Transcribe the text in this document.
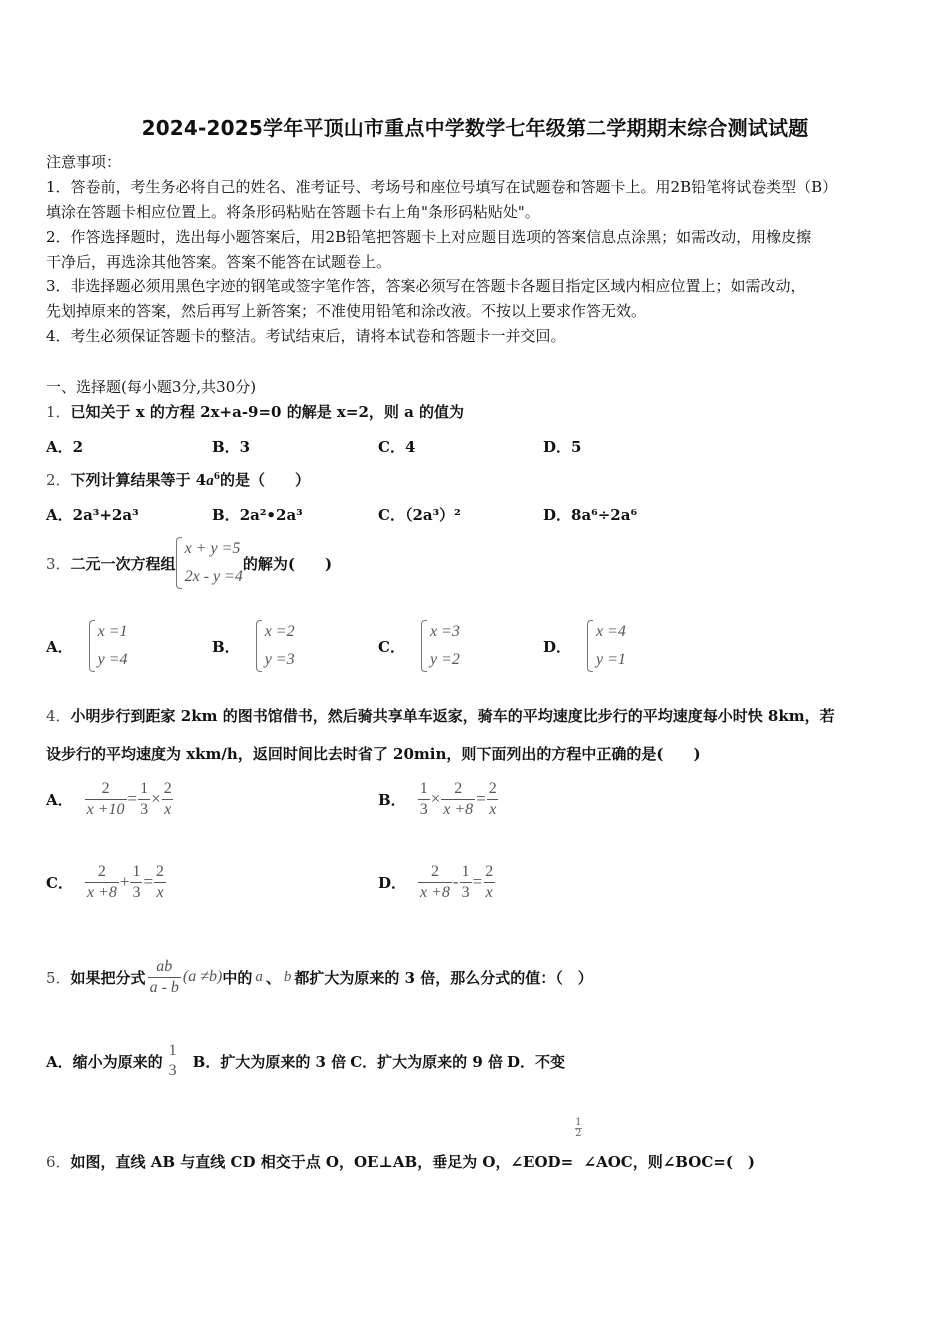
2024-2025学年平顶山市重点中学数学七年级第二学期期末综合测试试题
注意事项：
1．答卷前，考生务必将自己的姓名、准考证号、考场号和座位号填写在试题卷和答题卡上。用2B铅笔将试卷类型（B）
填涂在答题卡相应位置上。将条形码粘贴在答题卡右上角"条形码粘贴处"。
2．作答选择题时，选出每小题答案后，用2B铅笔把答题卡上对应题目选项的答案信息点涂黑；如需改动，用橡皮擦
干净后，再选涂其他答案。答案不能答在试题卷上。
3．非选择题必须用黑色字迹的钢笔或签字笔作答，答案必须写在答题卡各题目指定区域内相应位置上；如需改动，
先划掉原来的答案，然后再写上新答案；不准使用铅笔和涂改液。不按以上要求作答无效。
4．考生必须保证答题卡的整洁。考试结束后，请将本试卷和答题卡一并交回。
一、选择题(每小题3分,共30分)
1．已知关于 x 的方程 2x+a-9=0 的解是 x=2，则 a 的值为
A．2	B．3	C．4	D．5
2．下列计算结果等于 $4a^6$的是（　　）
A．2a³+2a³	B．2a²•2a³	C．（2a³）²	D．8a⁶÷2a⁶
3． 二元一次方程组
x + y =5
2x - y =4
的解为(　　)
A．
x =1
y =4
B．
x =2
y =3
C．
x =3
y =2
D．
x =4
y =1
4．小明步行到距家 2km 的图书馆借书，然后骑共享单车返家，骑车的平均速度比步行的平均速度每小时快 8km，若
设步行的平均速度为 xkm/h，返回时间比去时省了 20min，则下面列出的方程中正确的是(　　)
A． $\frac{2}{x +10} = \frac{1}{3} \times \frac{2}{x}$	B． $\frac{1}{3} \times \frac{2}{x +8} = \frac{2}{x}$
C． $\frac{2}{x +8} + \frac{1}{3} = \frac{2}{x}$	D． $\frac{2}{x +8} - \frac{1}{3} = \frac{2}{x}$
5． 如果把分式 $\frac{ab}{a - b} (a \ne b)$ 中的 a 、 b 都扩大为原来的 3 倍，那么分式的值：（　）
A． 缩小为原来的
1
3 B．扩大为原来的 3 倍 C．扩大为原来的 9 倍 D．不变
6． 如图，直线 AB 与直线 CD 相交于点 O，OE⊥AB，垂足为 O，∠EOD=
$\frac{1}{2}$
∠AOC，则∠BOC=(　)
